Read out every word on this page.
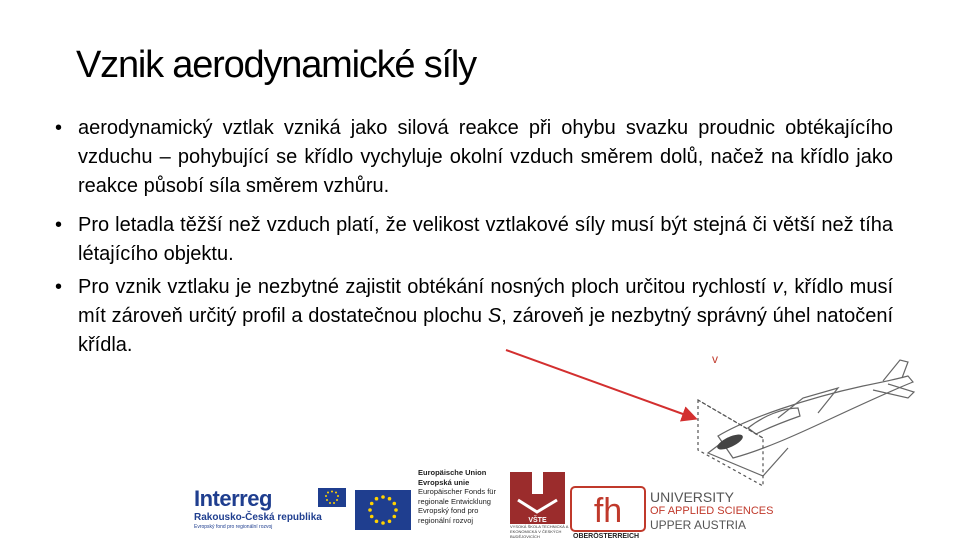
Vznik aerodynamické síly
• aerodynamický vztlak vzniká jako silová reakce při ohybu svazku proudnic obtékajícího vzduchu – pohybující se křídlo vychyluje okolní vzduch směrem dolů, načež na křídlo jako reakce působí síla směrem vzhůru.
• Pro letadla těžší než vzduch platí, že velikost vztlakové síly musí být stejná či větší než tíha létajícího objektu.
• Pro vznik vztlaku je nezbytné zajistit obtékání nosných ploch určitou rychlostí v, křídlo musí mít zároveň určitý profil a dostatečnou plochu S, zároveň je nezbytný správný úhel natočení křídla.
v
Interreg
Rakousko-Česká republika
Evropský fond pro regionální rozvoj
Europäische Union
Evropská unie
Europäischer Fonds für regionale Entwicklung
Evropský fond pro regionální rozvoj	VŠTE
VYSOKÁ ŠKOLA TECHNICKÁ A EKONOMICKÁ V ČESKÝCH BUDĚJOVICÍCH
fh
OBERÖSTERREICH
UNIVERSITY
OF APPLIED SCIENCES
UPPER AUSTRIA
